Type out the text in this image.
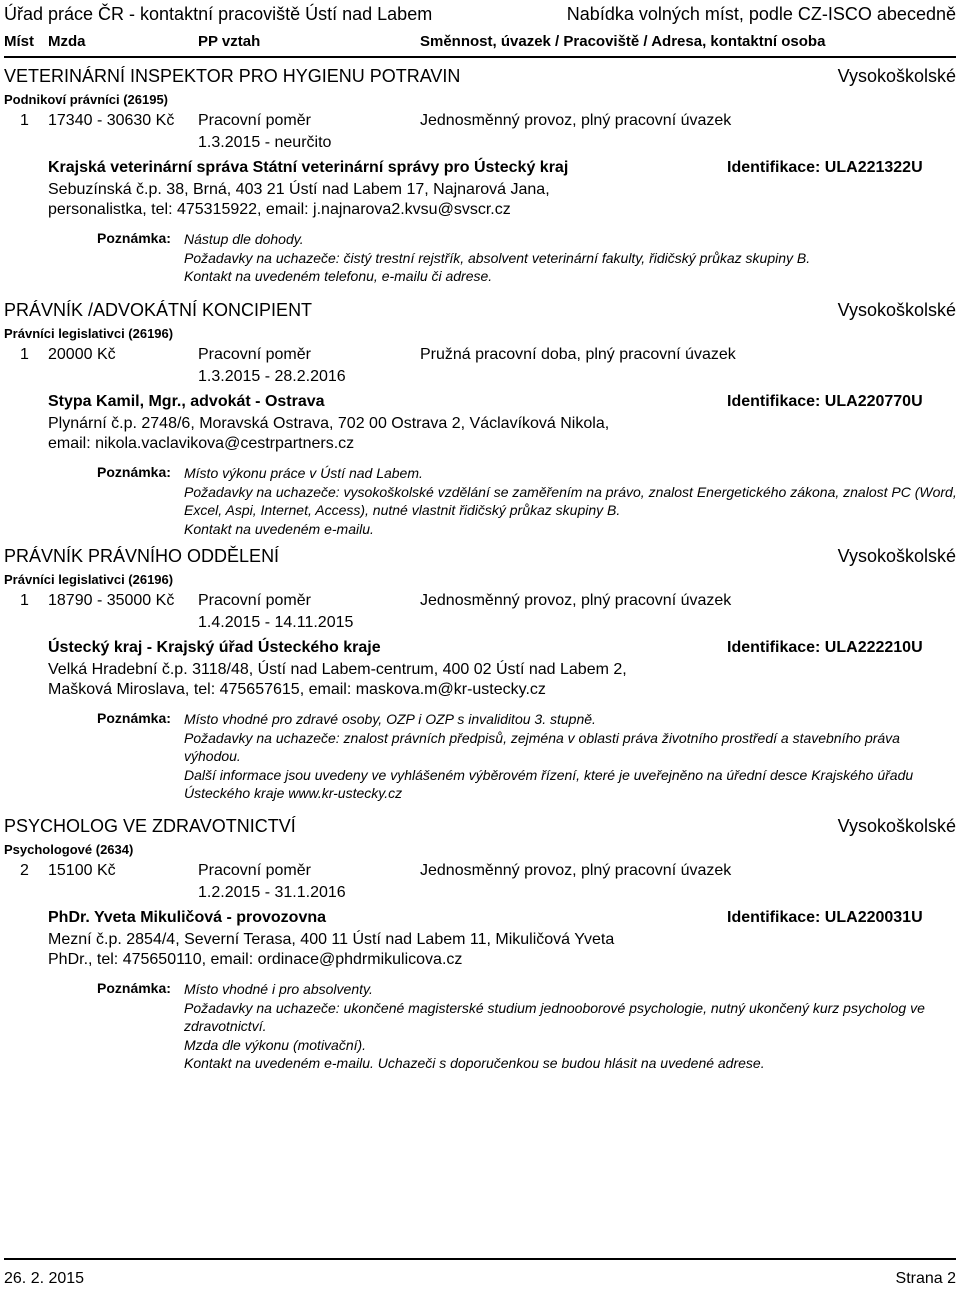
Úřad práce ČR - kontaktní pracoviště Ústí nad Labem	Nabídka volných míst, podle CZ-ISCO abecedně
Míst Mzda	PP vztah	Směnnost, úvazek / Pracoviště / Adresa, kontaktní osoba
VETERINÁRNÍ INSPEKTOR PRO HYGIENU POTRAVIN	Vysokoškolské
Podnikoví právníci (26195)
1 17340 - 30630 Kč Pracovní poměr	Jednosměnný provoz, plný pracovní úvazek
1.3.2015 - neurčito
Krajská veterinární správa Státní veterinární správy pro Ústecký kraj	Identifikace: ULA221322U
Sebuzínská č.p. 38, Brná, 403 21 Ústí nad Labem 17, Najnarová Jana,
personalistka, tel: 475315922, email: j.najnarova2.kvsu@svscr.cz
Poznámka: Nástup dle dohody.
Požadavky na uchazeče: čistý trestní rejstřík, absolvent veterinární fakulty, řidičský průkaz skupiny B.
Kontakt na uvedeném telefonu, e-mailu či adrese.
PRÁVNÍK /ADVOKÁTNÍ KONCIPIENT	Vysokoškolské
Právníci legislativci (26196)
1 20000 Kč	Pracovní poměr	Pružná pracovní doba, plný pracovní úvazek
1.3.2015 - 28.2.2016
Stypa Kamil, Mgr., advokát - Ostrava	Identifikace: ULA220770U
Plynární č.p. 2748/6, Moravská Ostrava, 702 00 Ostrava 2, Václavíková Nikola,
email: nikola.vaclavikova@cestrpartners.cz
Poznámka: Místo výkonu práce v Ústí nad Labem.
Požadavky na uchazeče: vysokoškolské vzdělání se zaměřením na právo, znalost Energetického zákona, znalost PC (Word, Excel, Aspi, Internet, Access), nutné vlastnit řidičský průkaz skupiny B.
Kontakt na uvedeném e-mailu.
PRÁVNÍK PRÁVNÍHO ODDĚLENÍ	Vysokoškolské
Právníci legislativci (26196)
1 18790 - 35000 Kč Pracovní poměr	Jednosměnný provoz, plný pracovní úvazek
1.4.2015 - 14.11.2015
Ústecký kraj - Krajský úřad Ústeckého kraje	Identifikace: ULA222210U
Velká Hradební č.p. 3118/48, Ústí nad Labem-centrum, 400 02 Ústí nad Labem 2,
Mašková Miroslava, tel: 475657615, email: maskova.m@kr-ustecky.cz
Poznámka: Místo vhodné pro zdravé osoby, OZP i OZP s invaliditou 3. stupně.
Požadavky na uchazeče: znalost právních předpisů, zejména v oblasti práva životního prostředí a stavebního práva výhodou.
Další informace jsou uvedeny ve vyhlášeném výběrovém řízení, které je uveřejněno na úřední desce Krajského úřadu Ústeckého kraje www.kr-ustecky.cz
PSYCHOLOG VE ZDRAVOTNICTVÍ	Vysokoškolské
Psychologové (2634)
2 15100 Kč	Pracovní poměr	Jednosměnný provoz, plný pracovní úvazek
1.2.2015 - 31.1.2016
PhDr. Yveta Mikuličová - provozovna	Identifikace: ULA220031U
Mezní č.p. 2854/4, Severní Terasa, 400 11 Ústí nad Labem 11, Mikuličová Yveta
PhDr., tel: 475650110, email: ordinace@phdrmikulicova.cz
Poznámka: Místo vhodné i pro absolventy.
Požadavky na uchazeče: ukončené magisterské studium jednooborové psychologie, nutný ukončený kurz psycholog ve zdravotnictví.
Mzda dle výkonu (motivační).
Kontakt na uvedeném e-mailu. Uchazeči s doporučenkou se budou hlásit na uvedené adrese.
26. 2. 2015	Strana 2
